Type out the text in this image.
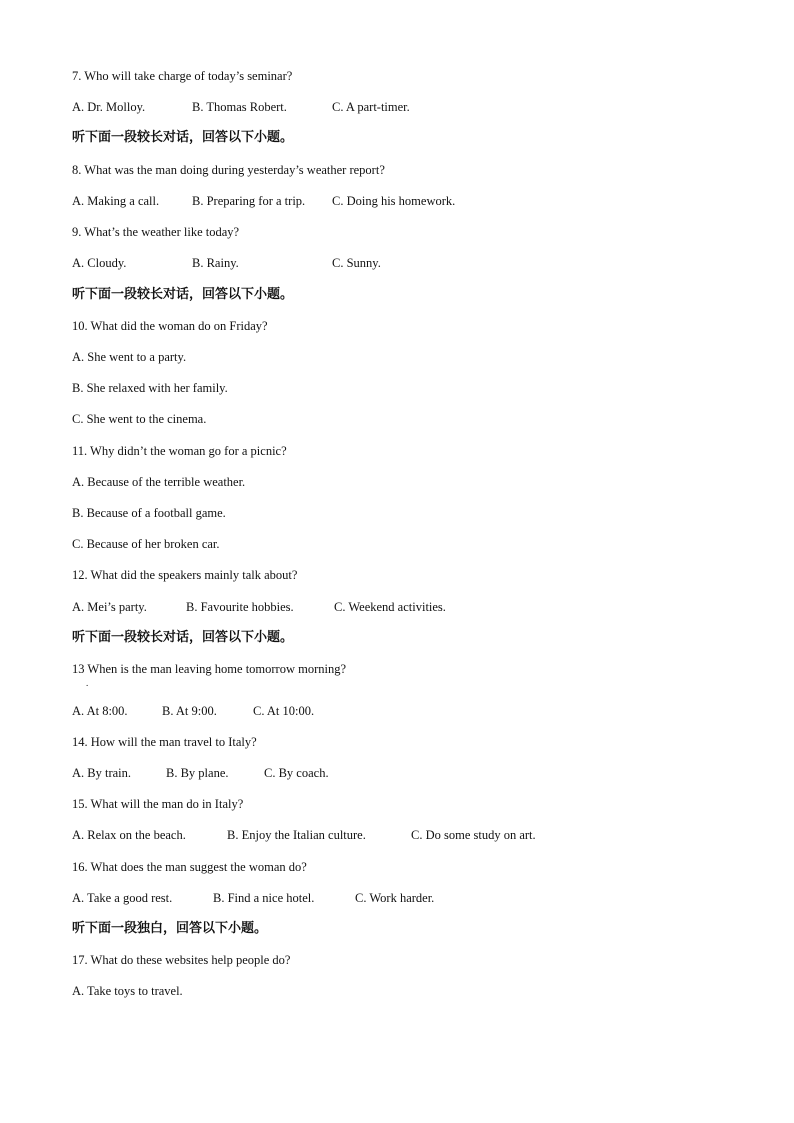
7. Who will take charge of today’s seminar?
A. Dr. Molloy.	B. Thomas Robert.	C. A part-timer.
听下面一段较长对话，回答以下小题。
8. What was the man doing during yesterday’s weather report?
A. Making a call.	B. Preparing for a trip. C. Doing his homework.
9. What’s the weather like today?
A. Cloudy.	B. Rainy.	C. Sunny.
听下面一段较长对话，回答以下小题。
10. What did the woman do on Friday?
A. She went to a party.
B. She relaxed with her family.
C. She went to the cinema.
11. Why didn’t the woman go for a picnic?
A. Because of the terrible weather.
B. Because of a football game.
C. Because of her broken car.
12. What did the speakers mainly talk about?
A. Mei’s party.	B. Favourite hobbies.	C. Weekend activities.
听下面一段较长对话，回答以下小题。
13 When is the man leaving home tomorrow morning?
A. At 8:00.	B. At 9:00.	C. At 10:00.
14. How will the man travel to Italy?
A. By train.	B. By plane.	C. By coach.
15. What will the man do in Italy?
A. Relax on the beach.	B. Enjoy the Italian culture.	C. Do some study on art.
16. What does the man suggest the woman do?
A. Take a good rest.	B. Find a nice hotel.	C. Work harder.
听下面一段独白，回答以下小题。
17. What do these websites help people do?
A. Take toys to travel.
.
